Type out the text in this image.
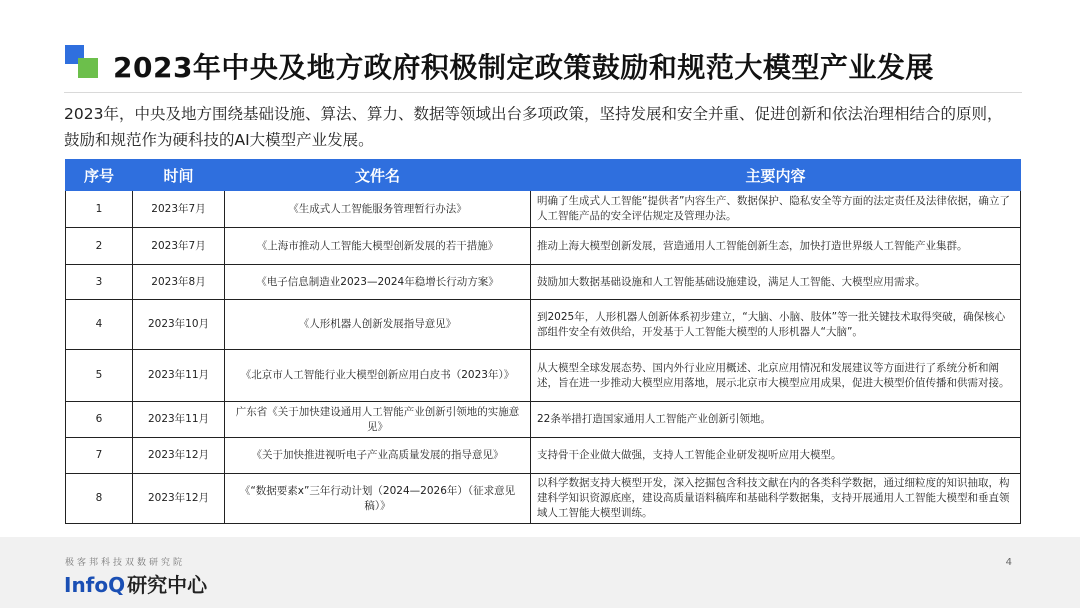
2023年中央及地方政府积极制定政策鼓励和规范大模型产业发展
2023年，中央及地方围绕基础设施、算法、算力、数据等领域出台多项政策，坚持发展和安全并重、促进创新和依法治理相结合的原则，
鼓励和规范作为硬科技的AI大模型产业发展。
序号	时间	文件名	主要内容
1	2023年7月	《生成式人工智能服务管理暂行办法》	明确了生成式人工智能“提供者”内容生产、数据保护、隐私安全等方面的法定责任及法律依据，确立了人工智能产品的安全评估规定及管理办法。
2	2023年7月	《上海市推动人工智能大模型创新发展的若干措施》	推动上海大模型创新发展，营造通用人工智能创新生态，加快打造世界级人工智能产业集群。
3	2023年8月	《电子信息制造业2023—2024年稳增长行动方案》	鼓励加大数据基础设施和人工智能基础设施建设，满足人工智能、大模型应用需求。
4	2023年10月	《人形机器人创新发展指导意见》	到2025年，人形机器人创新体系初步建立，“大脑、小脑、肢体”等一批关键技术取得突破，确保核心部组件安全有效供给，开发基于人工智能大模型的人形机器人“大脑”。
5	2023年11月	《北京市人工智能行业大模型创新应用白皮书（2023年）》	从大模型全球发展态势、国内外行业应用概述、北京应用情况和发展建议等方面进行了系统分析和阐述，旨在进一步推动大模型应用落地，展示北京市大模型应用成果，促进大模型价值传播和供需对接。
6	2023年11月	广东省《关于加快建设通用人工智能产业创新引领地的实施意见》	22条举措打造国家通用人工智能产业创新引领地。
7	2023年12月	《关于加快推进视听电子产业高质量发展的指导意见》	支持骨干企业做大做强，支持人工智能企业研发视听应用大模型。
8	2023年12月	《“数据要素x”三年行动计划（2024—2026年）（征求意见稿）》	以科学数据支持大模型开发，深入挖掘包含科技文献在内的各类科学数据，通过细粒度的知识抽取，构建科学知识资源底座，建设高质量语料稿库和基础科学数据集，支持开展通用人工智能大模型和垂直领域人工智能大模型训练。
极客邦科技双数研究院
InfoQ 研究中心
4
